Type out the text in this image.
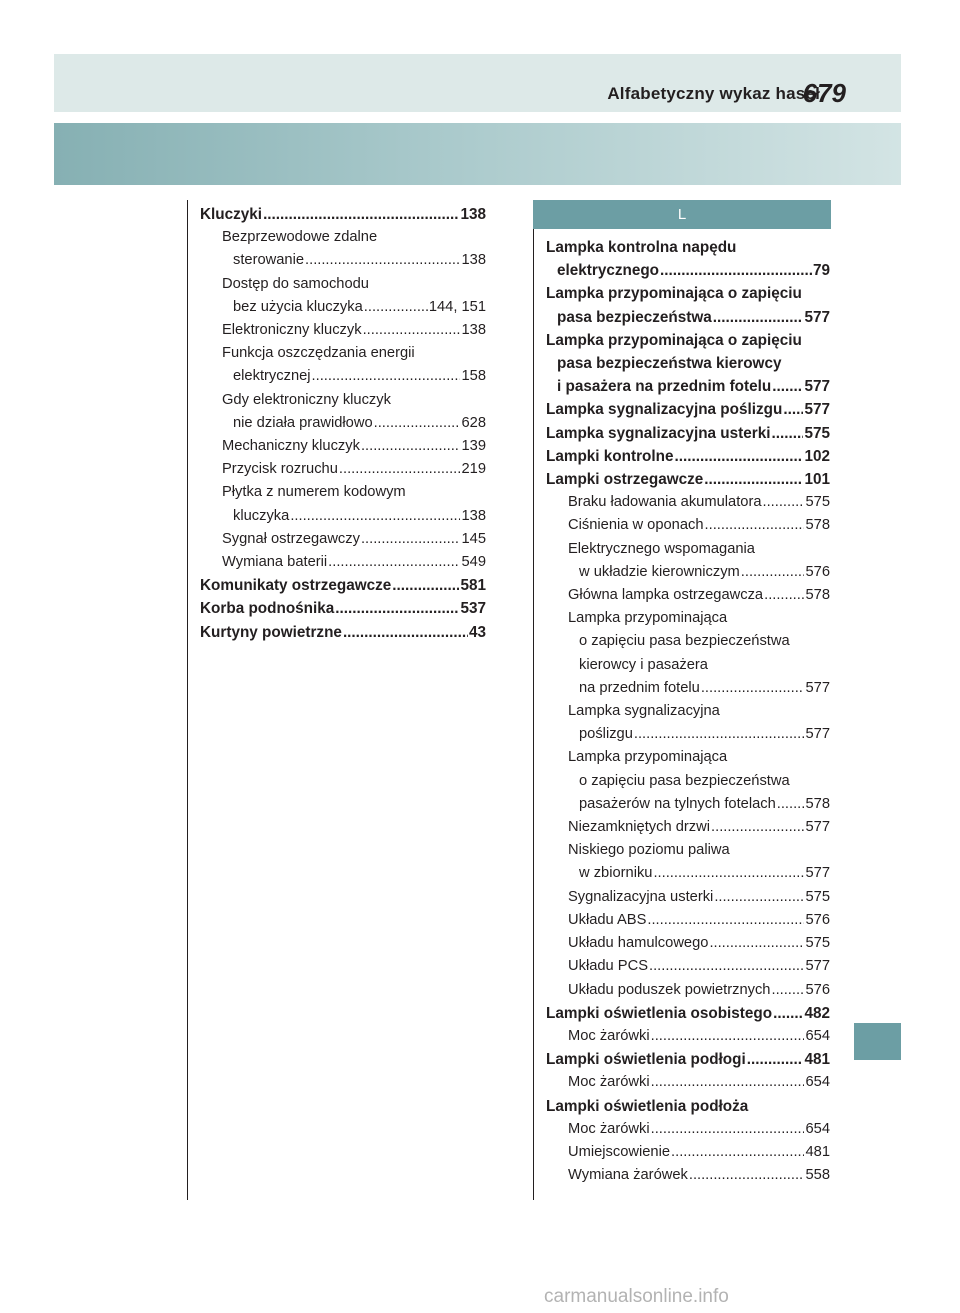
Alfabetyczny wykaz haseł
679
L
Kluczyki .....	138
Bezprzewodowe zdalne
sterowanie .....	138
Dostęp do samochodu
bez użycia kluczyka .....	144, 151
Elektroniczny kluczyk .....	138
Funkcja oszczędzania energii
elektrycznej .....	158
Gdy elektroniczny kluczyk
nie działa prawidłowo .....	628
Mechaniczny kluczyk .....	139
Przycisk rozruchu .....	219
Płytka z numerem kodowym
kluczyka .....	138
Sygnał ostrzegawczy .....	145
Wymiana baterii .....	549
Komunikaty ostrzegawcze .....	581
Korba podnośnika .....	537
Kurtyny powietrzne .....	43
Lampka kontrolna napędu
elektrycznego .....	79
Lampka przypominająca o zapięciu
pasa bezpieczeństwa .....	577
Lampka przypominająca o zapięciu
pasa bezpieczeństwa kierowcy
i pasażera na przednim fotelu ..... 577
Lampka sygnalizacyjna poślizgu ..... 577
Lampka sygnalizacyjna usterki ..... 575
Lampki kontrolne .....	102
Lampki ostrzegawcze .....	101
Braku ładowania akumulatora .....	575
Ciśnienia w oponach .....	578
Elektrycznego wspomagania
w układzie kierowniczym .....	576
Główna lampka ostrzegawcza .....	578
Lampka przypominająca
o zapięciu pasa bezpieczeństwa
kierowcy i pasażera
na przednim fotelu .....	577
Lampka sygnalizacyjna
poślizgu .....	577
Lampka przypominająca
o zapięciu pasa bezpieczeństwa
pasażerów na tylnych fotelach ..... 578
Niezamkniętych drzwi .....	577
Niskiego poziomu paliwa
w zbiorniku .....	577
Sygnalizacyjna usterki .....	575
Układu ABS .....	576
Układu hamulcowego .....	575
Układu PCS .....	577
Układu poduszek powietrznych ..... 576
Lampki oświetlenia osobistego ..... 482
Moc żarówki .....	654
Lampki oświetlenia podłogi .....	481
Moc żarówki .....	654
Lampki oświetlenia podłoża
Moc żarówki .....	654
Umiejscowienie .....	481
Wymiana żarówek .....	558
carmanualsonline.info
